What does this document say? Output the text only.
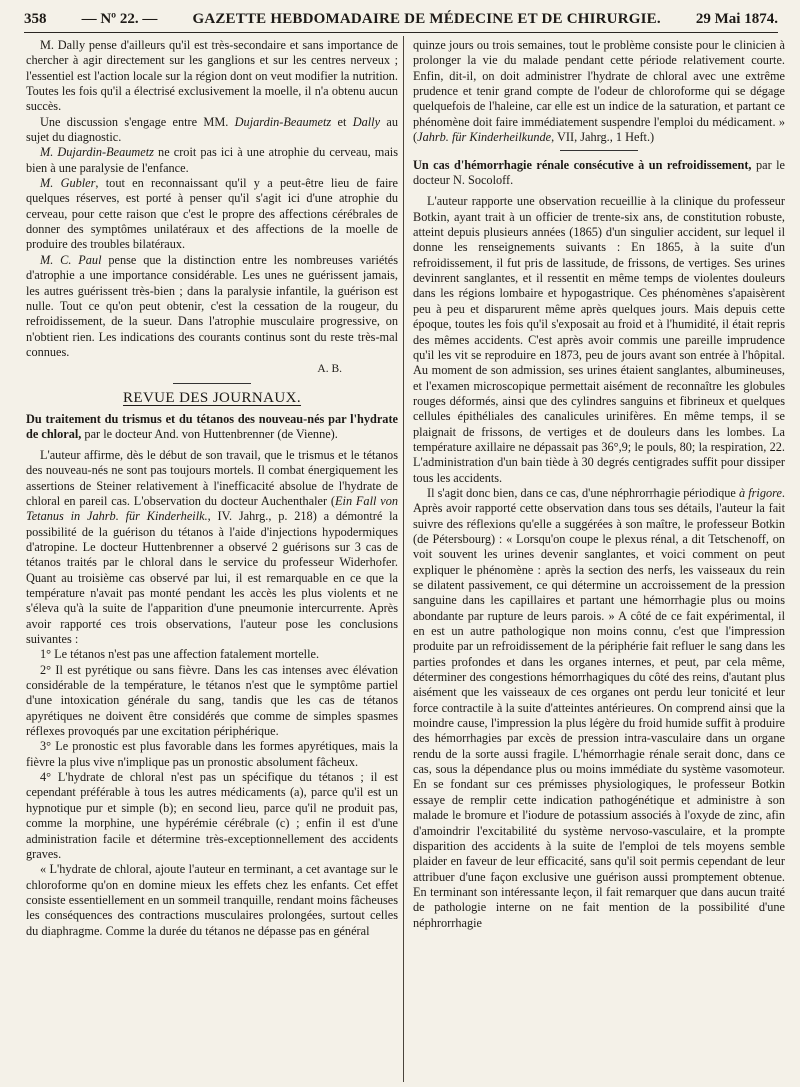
358 — Nº 22. — GAZETTE HEBDOMADAIRE DE MÉDECINE ET DE CHIRURGIE. 29 Mai 1874.

M. Dally pense d'ailleurs qu'il est très-secondaire et sans importance de chercher à agir directement sur les ganglions et sur les centres nerveux ; l'essentiel est l'action locale sur la région dont on veut modifier la nutrition. Toutes les fois qu'il a électrisé exclusivement la moelle, il n'a obtenu aucun succès.

Une discussion s'engage entre MM. Dujardin-Beaumetz et Dally au sujet du diagnostic.

M. Dujardin-Beaumetz ne croit pas ici à une atrophie du cerveau, mais bien à une paralysie de l'enfance.

M. Gubler, tout en reconnaissant qu'il y a peut-être lieu de faire quelques réserves, est porté à penser qu'il s'agit ici d'une atrophie du cerveau, pour cette raison que c'est le propre des affections cérébrales de donner des symptômes unilatéraux et des affections de la moelle de produire des troubles bilatéraux.

M. C. Paul pense que la distinction entre les nombreuses variétés d'atrophie a une importance considérable. Les unes ne guérissent jamais, les autres guérissent très-bien ; dans la paralysie infantile, la guérison est nulle. Tout ce qu'on peut obtenir, c'est la cessation de la rougeur, du refroidissement, de la sueur. Dans l'atrophie musculaire progressive, on n'obtient rien. Les indications des courants continus sont du reste très-mal connues.

A. B.
REVUE DES JOURNAUX.
Du traitement du trismus et du tétanos des nouveau-nés par l'hydrate de chloral, par le docteur And. von Huttenbrenner (de Vienne).

L'auteur affirme, dès le début de son travail, que le trismus et le tétanos des nouveau-nés ne sont pas toujours mortels. Il combat énergiquement les assertions de Steiner relativement à l'inefficacité absolue de l'hydrate de chloral en pareil cas. L'observation du docteur Auchenthaler (Ein Fall von Tetanus in Jahrb. für Kinderheilk., IV. Jahrg., p. 218) a démontré la possibilité de la guérison du tétanos à l'aide d'injections hypodermiques d'atropine. Le docteur Huttenbrenner a observé 2 guérisons sur 3 cas de tétanos traités par le chloral dans le service du professeur Widerhofer. Quant au troisième cas observé par lui, il est remarquable en ce que la température n'avait pas monté pendant les accès les plus violents et ne s'éleva qu'à la suite de l'apparition d'une pneumonie intercurrente. Après avoir rapporté ces trois observations, l'auteur pose les conclusions suivantes :

1° Le tétanos n'est pas une affection fatalement mortelle.

2° Il est pyrétique ou sans fièvre. Dans les cas intenses avec élévation considérable de la température, le tétanos n'est que le symptôme partiel d'une intoxication générale du sang, tandis que les cas de tétanos apyrétiques ne doivent être considérés que comme de simples spasmes réflexes provoqués par une excitation périphérique.

3° Le pronostic est plus favorable dans les formes apyrétiques, mais la fièvre la plus vive n'implique pas un pronostic absolument fâcheux.

4° L'hydrate de chloral n'est pas un spécifique du tétanos ; il est cependant préférable à tous les autres médicaments (a), parce qu'il est un hypnotique pur et simple (b); en second lieu, parce qu'il ne produit pas, comme la morphine, une hypérémie cérébrale (c) ; enfin il est d'une administration facile et détermine très-exceptionnellement des accidents graves.

« L'hydrate de chloral, ajoute l'auteur en terminant, a cet avantage sur le chloroforme qu'on en domine mieux les effets chez les enfants. Cet effet consiste essentiellement en un sommeil tranquille, rendant moins fâcheuses les conséquences des contractions musculaires prolongées, surtout celles du diaphragme. Comme la durée du tétanos ne dépasse pas en général

quinze jours ou trois semaines, tout le problème consiste pour le clinicien à prolonger la vie du malade pendant cette période relativement courte. Enfin, dit-il, on doit administrer l'hydrate de chloral avec une extrême prudence et tenir grand compte de l'odeur de chloroforme qui se dégage quelquefois de l'haleine, car elle est un indice de la saturation, et partant ce phénomène doit faire immédiatement suspendre l'emploi du médicament. » (Jahrb. für Kinderheilkunde, VII, Jahrg., 1 Heft.)

Un cas d'hémorrhagie rénale consécutive à un refroidissement, par le docteur N. Socoloff.

L'auteur rapporte une observation recueillie à la clinique du professeur Botkin, ayant trait à un officier de trente-six ans, de constitution robuste, atteint depuis plusieurs années (1865) d'un singulier accident, sur lequel il donne les renseignements suivants : En 1865, à la suite d'un refroidissement, il fut pris de lassitude, de frissons, de vertiges. Ses urines devinrent sanglantes, et il ressentit en même temps de violentes douleurs dans les régions lombaire et hypogastrique. Ces phénomènes s'apaisèrent peu à peu et disparurent même après quelques jours. Mais depuis cette époque, toutes les fois qu'il s'exposait au froid et à l'humidité, il était repris des mêmes accidents. C'est après avoir commis une pareille imprudence qu'il les vit se reproduire en 1873, peu de jours avant son entrée à l'hôpital. Au moment de son admission, ses urines étaient sanglantes, albumineuses, et l'examen microscopique permettait aisément de reconnaître les globules rouges déformés, ainsi que des cylindres sanguins et fibrineux et quelques cellules épithéliales des canalicules urinifères. En même temps, il se plaignait de frissons, de vertiges et de douleurs dans les lombes. La température axillaire ne dépassait pas 36°,9; le pouls, 80; la respiration, 22. L'administration d'un bain tiède à 30 degrés centigrades suffit pour dissiper tous les accidents.

Il s'agit donc bien, dans ce cas, d'une néphrorrhagie périodique à frigore. Après avoir rapporté cette observation dans tous ses détails, l'auteur la fait suivre des réflexions qu'elle a suggérées à son maître, le professeur Botkin (de Pétersbourg) : « Lorsqu'on coupe le plexus rénal, a dit Tetschenoff, on voit souvent les urines devenir sanglantes, et voici comment on peut expliquer le phénomène : après la section des nerfs, les vaisseaux du rein se dilatent passivement, ce qui détermine un accroissement de la pression sanguine dans les capillaires et partant une hémorrhagie plus ou moins abondante par rupture de leurs parois. » A côté de ce fait expérimental, il en est un autre pathologique non moins connu, c'est que l'impression produite par un refroidissement de la périphérie fait refluer le sang dans les parties profondes et dans les organes internes, et peut, par cela même, déterminer des congestions hémorrhagiques du côté des reins, d'autant plus aisément que les vaisseaux de ces organes ont perdu leur tonicité et leur force contractile à la suite d'atteintes antérieures. On comprend ainsi que la moindre cause, l'impression la plus légère du froid humide suffit à produire des hémorrhagies par excès de pression intra-vasculaire dans un organe rendu de la sorte aussi fragile. L'hémorrhagie rénale serait donc, dans ce cas, sous la dépendance plus ou moins immédiate du système vasomoteur. En se fondant sur ces prémisses physiologiques, le professeur Botkin essaye de remplir cette indication pathogénétique et administre à son malade le bromure et l'iodure de potassium associés à l'oxyde de zinc, afin d'amoindrir l'excitabilité du système nervoso-vasculaire, et la prompte disparition des accidents à la suite de l'emploi de tels moyens semble plaider en faveur de leur efficacité, sans qu'il soit permis cependant de leur attribuer d'une façon exclusive une guérison aussi promptement obtenue. En terminant son intéressante leçon, il fait remarquer que dans aucun traité de pathologie interne on ne fait mention de la possibilité d'une néphrorrhagie
